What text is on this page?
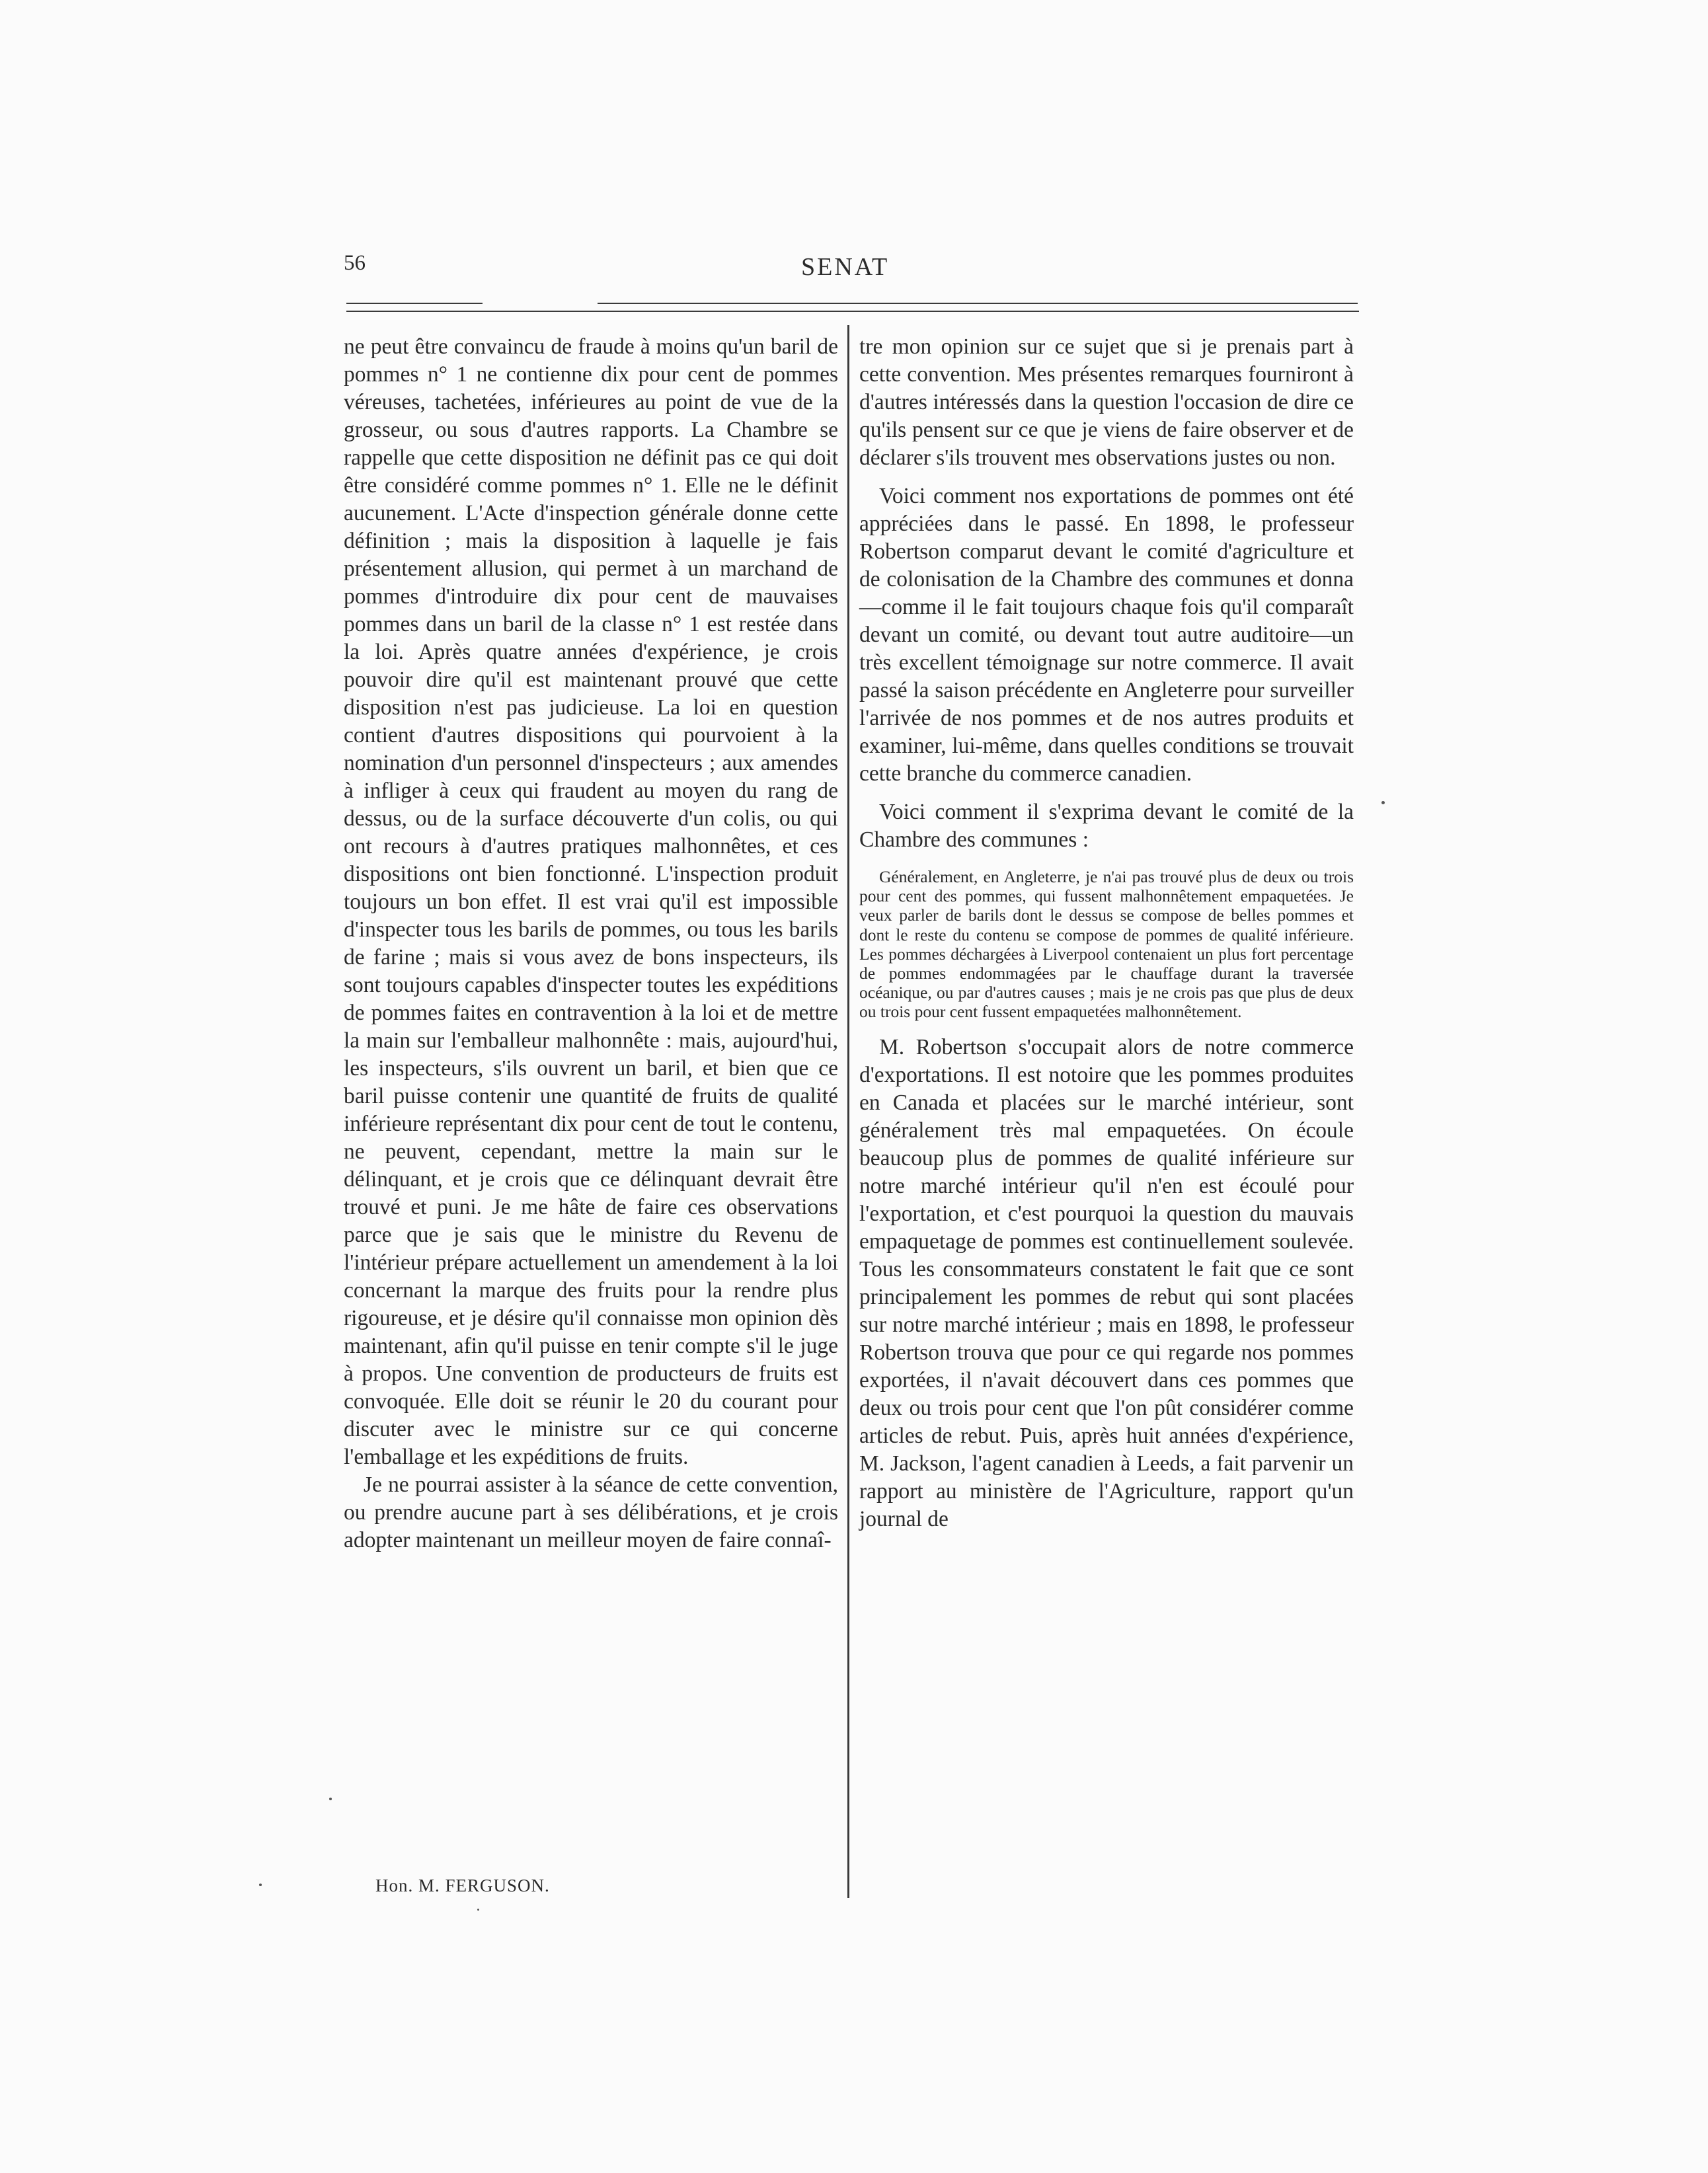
56	SENAT

ne peut être convaincu de fraude à moins qu'un baril de pommes n° 1 ne contienne dix pour cent de pommes véreuses, tachetées, inférieures au point de vue de la grosseur, ou sous d'autres rapports. La Chambre se rappelle que cette disposition ne définit pas ce qui doit être considéré comme pommes n° 1. Elle ne le définit aucunement. L'Acte d'inspection générale donne cette définition ; mais la disposition à laquelle je fais présentement allusion, qui permet à un marchand de pommes d'introduire dix pour cent de mauvaises pommes dans un baril de la classe n° 1 est restée dans la loi. Après quatre années d'expérience, je crois pouvoir dire qu'il est maintenant prouvé que cette disposition n'est pas judicieuse. La loi en question contient d'autres dispositions qui pourvoient à la nomination d'un personnel d'inspecteurs ; aux amendes à infliger à ceux qui fraudent au moyen du rang de dessus, ou de la surface découverte d'un colis, ou qui ont recours à d'autres pratiques malhonnêtes, et ces dispositions ont bien fonctionné. L'inspection produit toujours un bon effet. Il est vrai qu'il est impossible d'inspecter tous les barils de pommes, ou tous les barils de farine ; mais si vous avez de bons inspecteurs, ils sont toujours capables d'inspecter toutes les expéditions de pommes faites en contravention à la loi et de mettre la main sur l'emballeur malhonnête : mais, aujourd'hui, les inspecteurs, s'ils ouvrent un baril, et bien que ce baril puisse contenir une quantité de fruits de qualité inférieure représentant dix pour cent de tout le contenu, ne peuvent, cependant, mettre la main sur le délinquant, et je crois que ce délinquant devrait être trouvé et puni. Je me hâte de faire ces observations parce que je sais que le ministre du Revenu de l'intérieur prépare actuellement un amendement à la loi concernant la marque des fruits pour la rendre plus rigoureuse, et je désire qu'il connaisse mon opinion dès maintenant, afin qu'il puisse en tenir compte s'il le juge à propos. Une convention de producteurs de fruits est convoquée. Elle doit se réunir le 20 du courant pour discuter avec le ministre sur ce qui concerne l'emballage et les expéditions de fruits.

Je ne pourrai assister à la séance de cette convention, ou prendre aucune part à ses délibérations, et je crois adopter maintenant un meilleur moyen de faire connaî-

tre mon opinion sur ce sujet que si je prenais part à cette convention. Mes présentes remarques fourniront à d'autres intéressés dans la question l'occasion de dire ce qu'ils pensent sur ce que je viens de faire observer et de déclarer s'ils trouvent mes observations justes ou non.

Voici comment nos exportations de pommes ont été appréciées dans le passé. En 1898, le professeur Robertson comparut devant le comité d'agriculture et de colonisation de la Chambre des communes et donna —comme il le fait toujours chaque fois qu'il comparaît devant un comité, ou devant tout autre auditoire—un très excellent témoignage sur notre commerce. Il avait passé la saison précédente en Angleterre pour surveiller l'arrivée de nos pommes et de nos autres produits et examiner, lui-même, dans quelles conditions se trouvait cette branche du commerce canadien.

Voici comment il s'exprima devant le comité de la Chambre des communes :

Généralement, en Angleterre, je n'ai pas trouvé plus de deux ou trois pour cent des pommes, qui fussent malhonnêtement empaquetées. Je veux parler de barils dont le dessus se compose de belles pommes et dont le reste du contenu se compose de pommes de qualité inférieure. Les pommes déchargées à Liverpool contenaient un plus fort percentage de pommes endommagées par le chauffage durant la traversée océanique, ou par d'autres causes ; mais je ne crois pas que plus de deux ou trois pour cent fussent empaquetées malhonnêtement.

M. Robertson s'occupait alors de notre commerce d'exportations. Il est notoire que les pommes produites en Canada et placées sur le marché intérieur, sont généralement très mal empaquetées. On écoule beaucoup plus de pommes de qualité inférieure sur notre marché intérieur qu'il n'en est écoulé pour l'exportation, et c'est pourquoi la question du mauvais empaquetage de pommes est continuellement soulevée. Tous les consommateurs constatent le fait que ce sont principalement les pommes de rebut qui sont placées sur notre marché intérieur ; mais en 1898, le professeur Robertson trouva que pour ce qui regarde nos pommes exportées, il n'avait découvert dans ces pommes que deux ou trois pour cent que l'on pût considérer comme articles de rebut. Puis, après huit années d'expérience, M. Jackson, l'agent canadien à Leeds, a fait parvenir un rapport au ministère de l'Agriculture, rapport qu'un journal de

Hon. M. FERGUSON.
